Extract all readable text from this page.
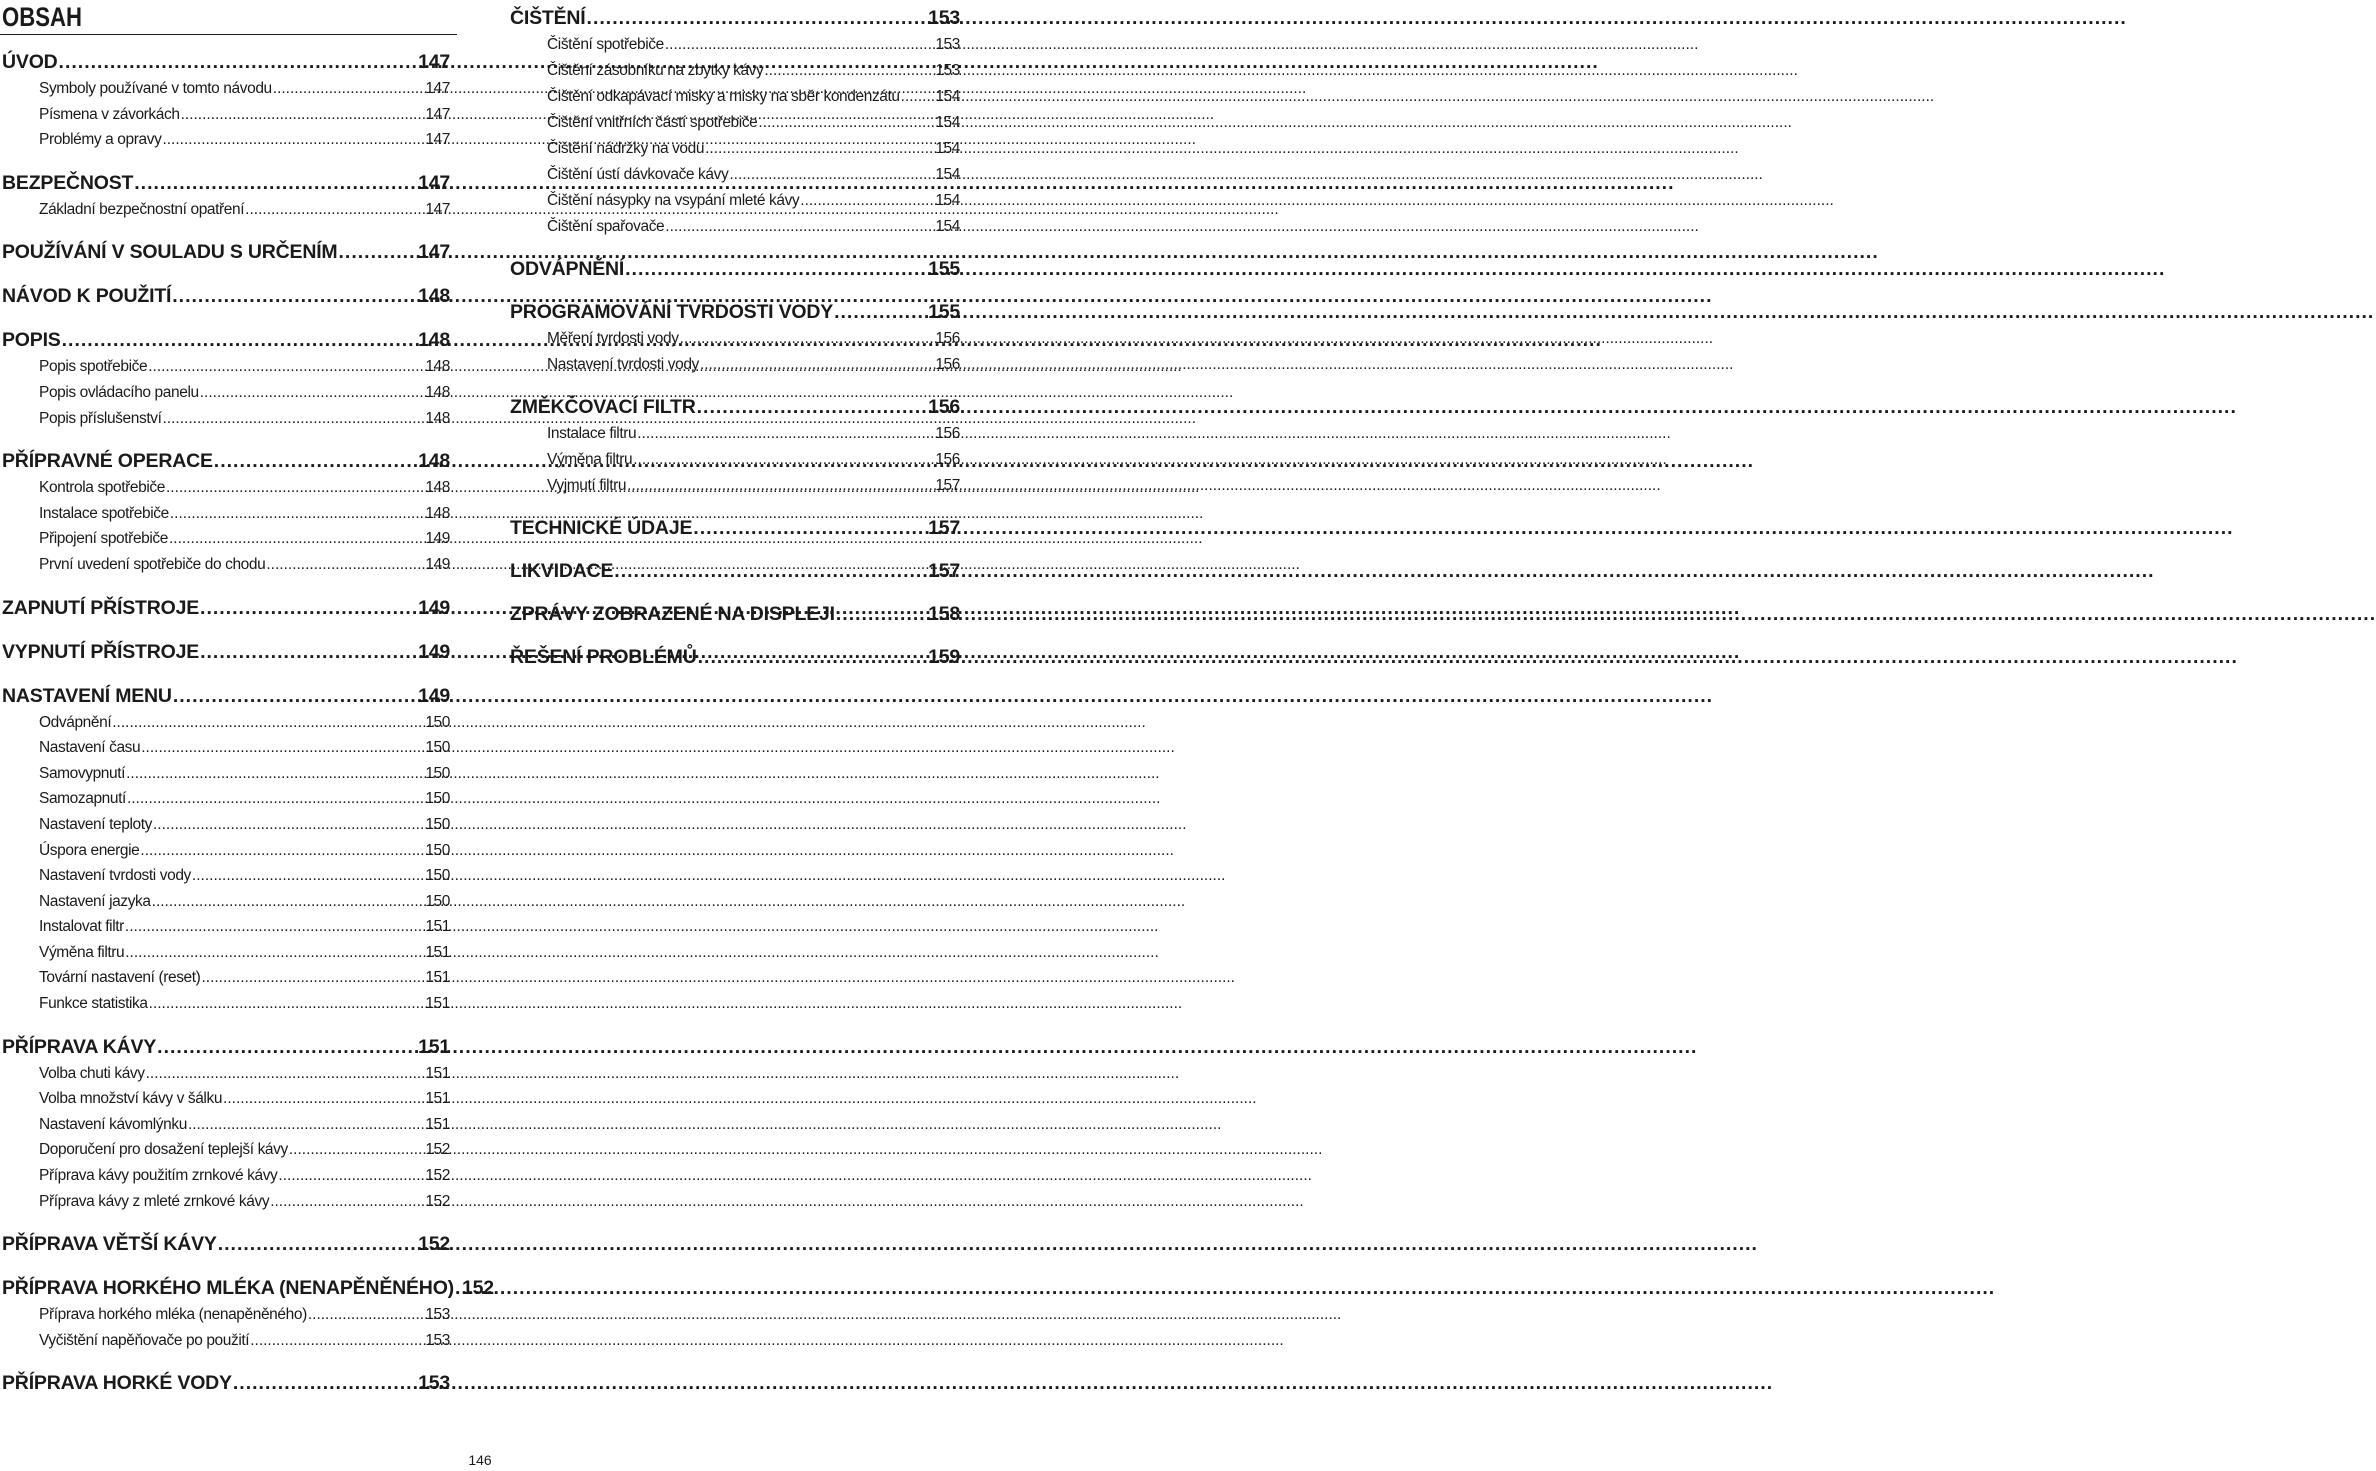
OBSAH
ÚVOD .....	147
Symboly používané v tomto návodu .....	147
Písmena v závorkách .....	147
Problémy a opravy .....	147
BEZPEČNOST .....	147
Základní bezpečnostní opatření .....	147
POUŽÍVÁNÍ V SOULADU S URČENÍM .....	147
NÁVOD K POUŽITÍ .....	148
POPIS .....	148
Popis spotřebiče .....	148
Popis ovládacího panelu .....	148
Popis příslušenství .....	148
PŘÍPRAVNÉ OPERACE .....	148
Kontrola spotřebiče .....	148
Instalace spotřebiče .....	148
Připojení spotřebiče .....	149
První uvedení spotřebiče do chodu .....	149
ZAPNUTÍ PŘÍSTROJE .....	149
VYPNUTÍ PŘÍSTROJE .....	149
NASTAVENÍ MENU .....	149
Odvápnění .....	150
Nastavení času .....	150
Samovypnutí .....	150
Samozapnutí .....	150
Nastavení teploty .....	150
Úspora energie .....	150
Nastavení tvrdosti vody .....	150
Nastavení jazyka .....	150
Instalovat filtr .....	151
Výměna filtru .....	151
Tovární nastavení (reset) .....	151
Funkce statistika .....	151
PŘÍPRAVA KÁVY .....	151
Volba chuti kávy .....	151
Volba množství kávy v šálku .....	151
Nastavení kávomlýnku .....	151
Doporučení pro dosažení teplejší kávy .....	152
Příprava kávy použitím zrnkové kávy .....	152
Příprava kávy z mleté zrnkové kávy .....	152
PŘÍPRAVA VĚTŠÍ KÁVY .....	152
PŘÍPRAVA HORKÉHO MLÉKA (NENAPĚNĚNÉHO) ..... 152
Příprava horkého mléka (nenapěněného) .....	153
Vyčištění napěňovače po použití .....	153
PŘÍPRAVA HORKÉ VODY .....	153
ČIŠTĚNÍ .....	153
Čištění spotřebiče .....	153
Čištění zásobníku na zbytky kávy .....	153
Čištění odkapávací misky a misky na sběr kondenzátu ..... 154
Čištění vnitřních částí spotřebiče .....	154
Čištění nádržky na vodu .....	154
Čištění ústí dávkovače kávy .....	154
Čištění násypky na vsypání mleté kávy .....	154
Čištění spařovače .....	154
ODVÁPNĚNÍ .....	155
PROGRAMOVÁNÍ TVRDOSTI VODY .....	155
Měření tvrdosti vody .....	156
Nastavení tvrdosti vody .....	156
ZMĚKČOVACÍ FILTR .....	156
Instalace filtru .....	156
Výměna filtru .....	156
Vyjmutí filtru .....	157
TECHNICKÉ ÚDAJE .....	157
LIKVIDACE .....	157
ZPRÁVY ZOBRAZENÉ NA DISPLEJI .....	158
ŘEŠENÍ PROBLÉMŮ .....	159
146
